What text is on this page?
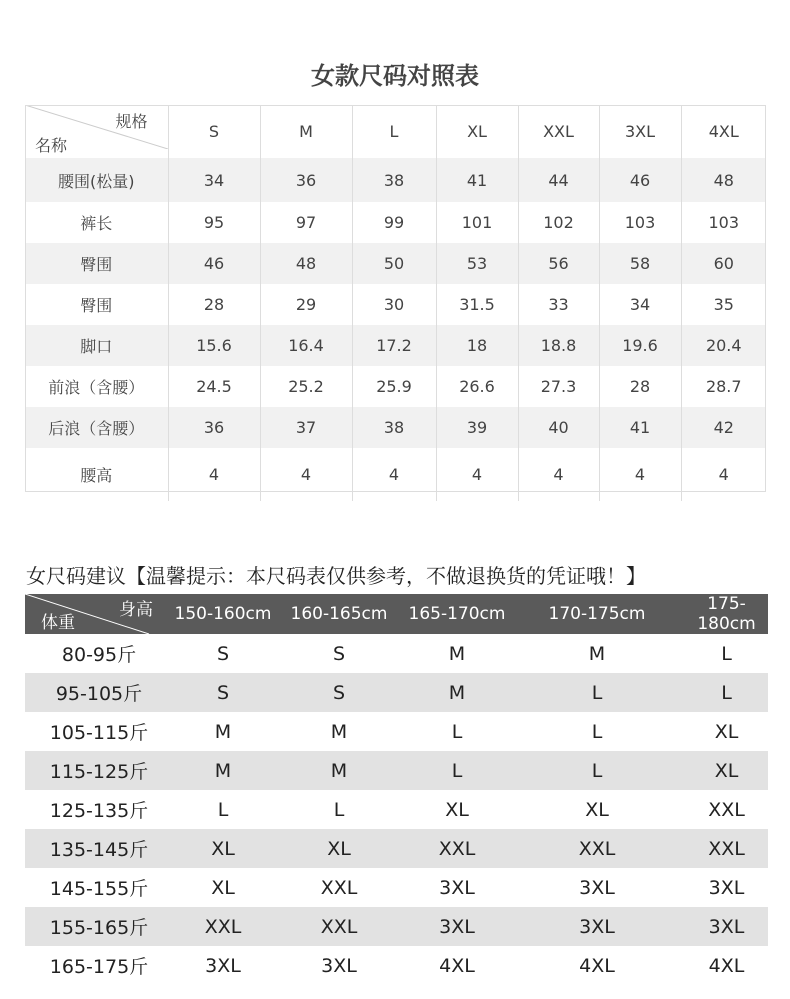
女款尺码对照表
规格
名称	S	M	L	XL	XXL	3XL	4XL
腰围(松量)	34	36	38	41	44	46	48
裤长	95	97	99	101	102	103	103
臀围	46	48	50	53	56	58	60
臀围	28	29	30	31.5	33	34	35
脚口	15.6	16.4	17.2	18	18.8	19.6	20.4
前浪（含腰）	24.5	25.2	25.9	26.6	27.3	28	28.7
后浪（含腰）	36	37	38	39	40	41	42
腰高	4	4	4	4	4	4	4
女尺码建议【温馨提示：本尺码表仅供参考，不做退换货的凭证哦！】
身高
体重	150-160cm	160-165cm	165-170cm	170-175cm	175-180cm
80-95斤	S	S	M	M	L
95-105斤	S	S	M	L	L
105-115斤	M	M	L	L	XL
115-125斤	M	M	L	L	XL
125-135斤	L	L	XL	XL	XXL
135-145斤	XL	XL	XXL	XXL	XXL
145-155斤	XL	XXL	3XL	3XL	3XL
155-165斤	XXL	XXL	3XL	3XL	3XL
165-175斤	3XL	3XL	4XL	4XL	4XL
